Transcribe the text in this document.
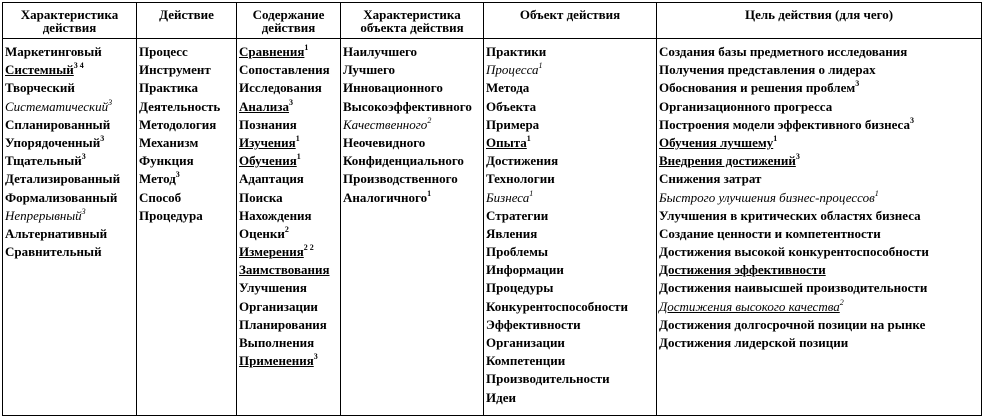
Характеристика действия
Маркетинговый
Системный$^{3 4}$
Творческий
Систематический$^3$
Спланированный
Упорядоченный$^3$
Тщательный$^3$
Детализированный
Формализованный
Непрерывный$^3$
Альтернативный
Сравнительный
Действие
Процесс
Инструмент
Практика
Деятельность
Методология
Механизм
Функция
Метод$^3$
Способ
Процедура
Содержание действия
Сравнения$^1$
Сопоставления
Исследования
Анализа$^3$
Познания
Изучения$^1$
Обучения$^1$
Адаптация
Поиска
Нахождения
Оценки$^2$
Измерения$^{2 2}$
Заимствования
Улучшения
Организации
Планирования
Выполнения
Применения$^3$
Характеристика объекта действия
Наилучшего
Лучшего
Инновационного
Высокоэффективного
Качественного$^2$
Неочевидного
Конфиденциального
Производственного
Аналогичного$^1$
Объект действия
Практики
Процесса$^1$
Метода
Объекта
Примера
Опыта$^1$
Достижения
Технологии
Бизнеса$^1$
Стратегии
Явления
Проблемы
Информации
Процедуры
Конкурентоспособности
Эффективности
Организации
Компетенции
Производительности
Идеи
Цель действия (для чего)
Создания базы предметного исследования
Получения представления о лидерах
Обоснования и решения проблем$^3$
Организационного прогресса
Построения модели эффективного бизнеса$^3$
Обучения лучшему$^1$
Внедрения достижений$^3$
Снижения затрат
Быстрого улучшения бизнес-процессов$^1$
Улучшения в критических областях бизнеса
Создание ценности и компетентности
Достижения высокой конкурентоспособности
Достижения эффективности
Достижения наивысшей производительности
Достижения высокого качества$^2$
Достижения долгосрочной позиции на рынке
Достижения лидерской позиции
